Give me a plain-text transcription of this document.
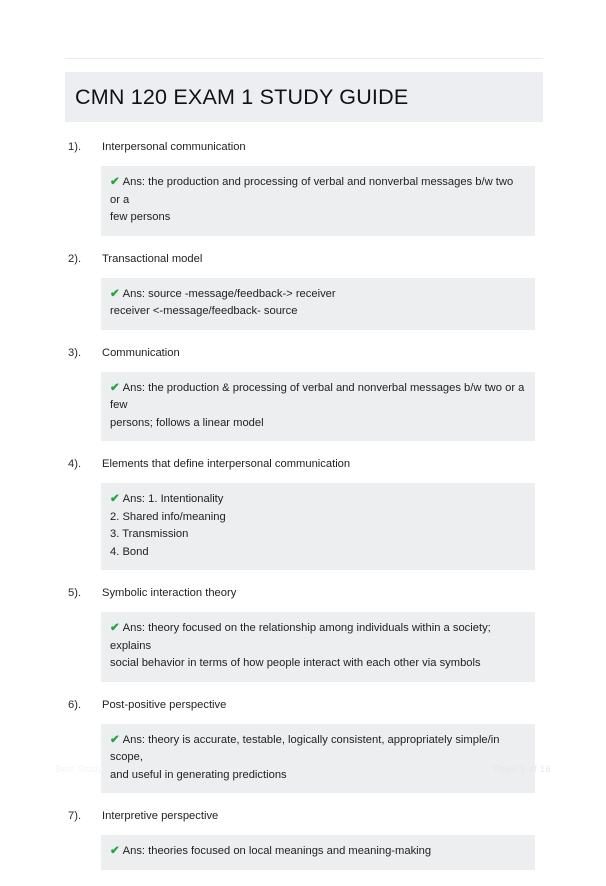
CMN 120 EXAM 1 STUDY GUIDE
1).	Interpersonal communication
✔ Ans: the production and processing of verbal and nonverbal messages b/w two or a
few persons
2).	Transactional model
✔ Ans: source -message/feedback-> receiver
receiver <-message/feedback- source
3).	Communication
✔ Ans: the production & processing of verbal and nonverbal messages b/w two or a few
persons; follows a linear model
4).	Elements that define interpersonal communication
✔ Ans: 1. Intentionality
2. Shared info/meaning
3. Transmission
4. Bond
5).	Symbolic interaction theory
✔ Ans: theory focused on the relationship among individuals within a society; explains
social behavior in terms of how people interact with each other via symbols
6).	Post-positive perspective
✔ Ans: theory is accurate, testable, logically consistent, appropriately simple/in scope,
and useful in generating predictions
7).	Interpretive perspective
✔ Ans: theories focused on local meanings and meaning-making
Best Study	Page 1 of 16
